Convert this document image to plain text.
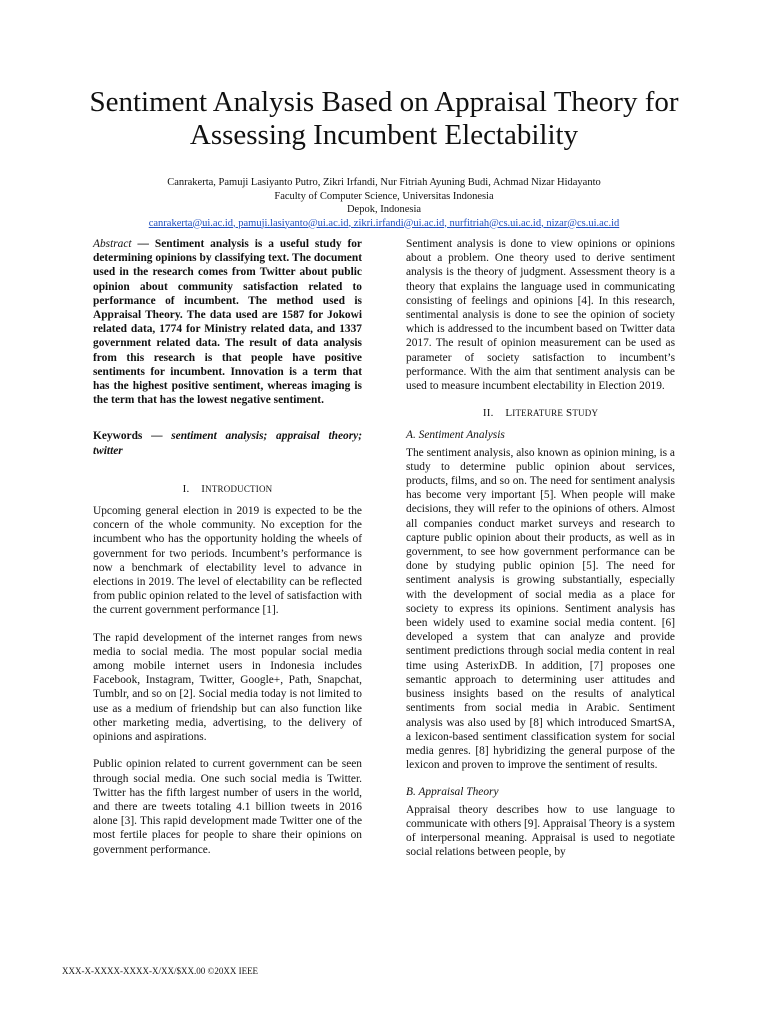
Sentiment Analysis Based on Appraisal Theory for
Assessing Incumbent Electability
Canrakerta, Pamuji Lasiyanto Putro, Zikri Irfandi, Nur Fitriah Ayuning Budi, Achmad Nizar Hidayanto
Faculty of Computer Science, Universitas Indonesia
Depok, Indonesia
canrakerta@ui.ac.id, pamuji.lasiyanto@ui.ac.id, zikri.irfandi@ui.ac.id, nurfitriah@cs.ui.ac.id, nizar@cs.ui.ac.id

Abstract — Sentiment analysis is a useful study for determining opinions by classifying text. The document used in the research comes from Twitter about public opinion about community satisfaction related to performance of incumbent. The method used is Appraisal Theory. The data used are 1587 for Jokowi related data, 1774 for Ministry related data, and 1337 government related data. The result of data analysis from this research is that people have positive sentiments for incumbent. Innovation is a term that has the highest positive sentiment, whereas imaging is the term that has the lowest negative sentiment.

Keywords — sentiment analysis; appraisal theory; twitter

I. INTRODUCTION

Upcoming general election in 2019 is expected to be the concern of the whole community. No exception for the incumbent who has the opportunity holding the wheels of government for two periods. Incumbent’s performance is now a benchmark of electability level to advance in elections in 2019. The level of electability can be reflected from public opinion related to the level of satisfaction with the current government performance [1].

The rapid development of the internet ranges from news media to social media. The most popular social media among mobile internet users in Indonesia includes Facebook, Instagram, Twitter, Google+, Path, Snapchat, Tumblr, and so on [2]. Social media today is not limited to use as a medium of friendship but can also function like other marketing media, advertising, to the delivery of opinions and aspirations.

Public opinion related to current government can be seen through social media. One such social media is Twitter. Twitter has the fifth largest number of users in the world, and there are tweets totaling 4.1 billion tweets in 2016 alone [3]. This rapid development made Twitter one of the most fertile places for people to share their opinions on government performance.

Sentiment analysis is done to view opinions or opinions about a problem. One theory used to derive sentiment analysis is the theory of judgment. Assessment theory is a theory that explains the language used in communicating consisting of feelings and opinions [4]. In this research, sentimental analysis is done to see the opinion of society which is addressed to the incumbent based on Twitter data 2017. The result of opinion measurement can be used as parameter of society satisfaction to incumbent’s performance. With the aim that sentiment analysis can be used to measure incumbent electability in Election 2019.

II. LITERATURE STUDY
A. Sentiment Analysis

The sentiment analysis, also known as opinion mining, is a study to determine public opinion about services, products, films, and so on. The need for sentiment analysis has become very important [5]. When people will make decisions, they will refer to the opinions of others. Almost all companies conduct market surveys and research to capture public opinion about their products, as well as in government, to see how government performance can be done by studying public opinion [5]. The need for sentiment analysis is growing substantially, especially with the development of social media as a place for society to express its opinions. Sentiment analysis has been widely used to examine social media content. [6] developed a system that can analyze and provide sentiment predictions through social media content in real time using AsterixDB. In addition, [7] proposes one semantic approach to determining user attitudes and business insights based on the results of analytical sentiments from social media in Arabic. Sentiment analysis was also used by [8] which introduced SmartSA, a lexicon-based sentiment classification system for social media genres. [8] hybridizing the general purpose of the lexicon and proven to improve the sentiment of results.

B. Appraisal Theory

Appraisal theory describes how to use language to communicate with others [9]. Appraisal Theory is a system of interpersonal meaning. Appraisal is used to negotiate social relations between people, by

XXX-X-XXXX-XXXX-X/XX/$XX.00 ©20XX IEEE
